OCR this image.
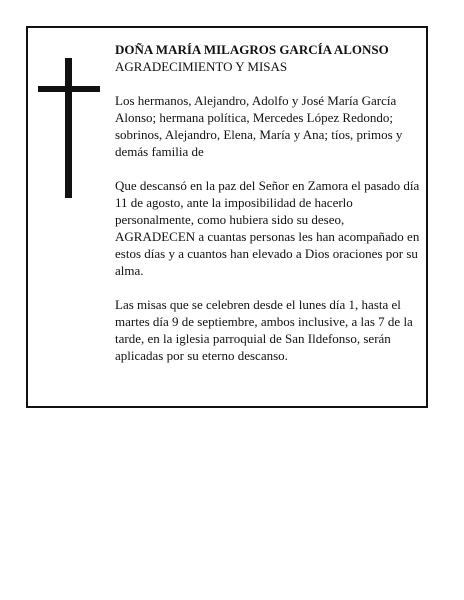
DOÑA MARÍA MILAGROS GARCÍA ALONSO

AGRADECIMIENTO Y MISAS

Los hermanos, Alejandro, Adolfo y José María García Alonso; hermana política, Mercedes López Redondo; sobrinos, Alejandro, Elena, María y Ana; tíos, primos y demás familia de

Que descansó en la paz del Señor en Zamora el pasado día 11 de agosto, ante la imposibilidad de hacerlo personalmente, como hubiera sido su deseo, AGRADECEN a cuantas personas les han acompañado en estos días y a cuantos han elevado a Dios oraciones por su alma.

Las misas que se celebren desde el lunes día 1, hasta el martes día 9 de septiembre, ambos inclusive, a las 7 de la tarde, en la iglesia parroquial de San Ildefonso, serán aplicadas por su eterno descanso.
